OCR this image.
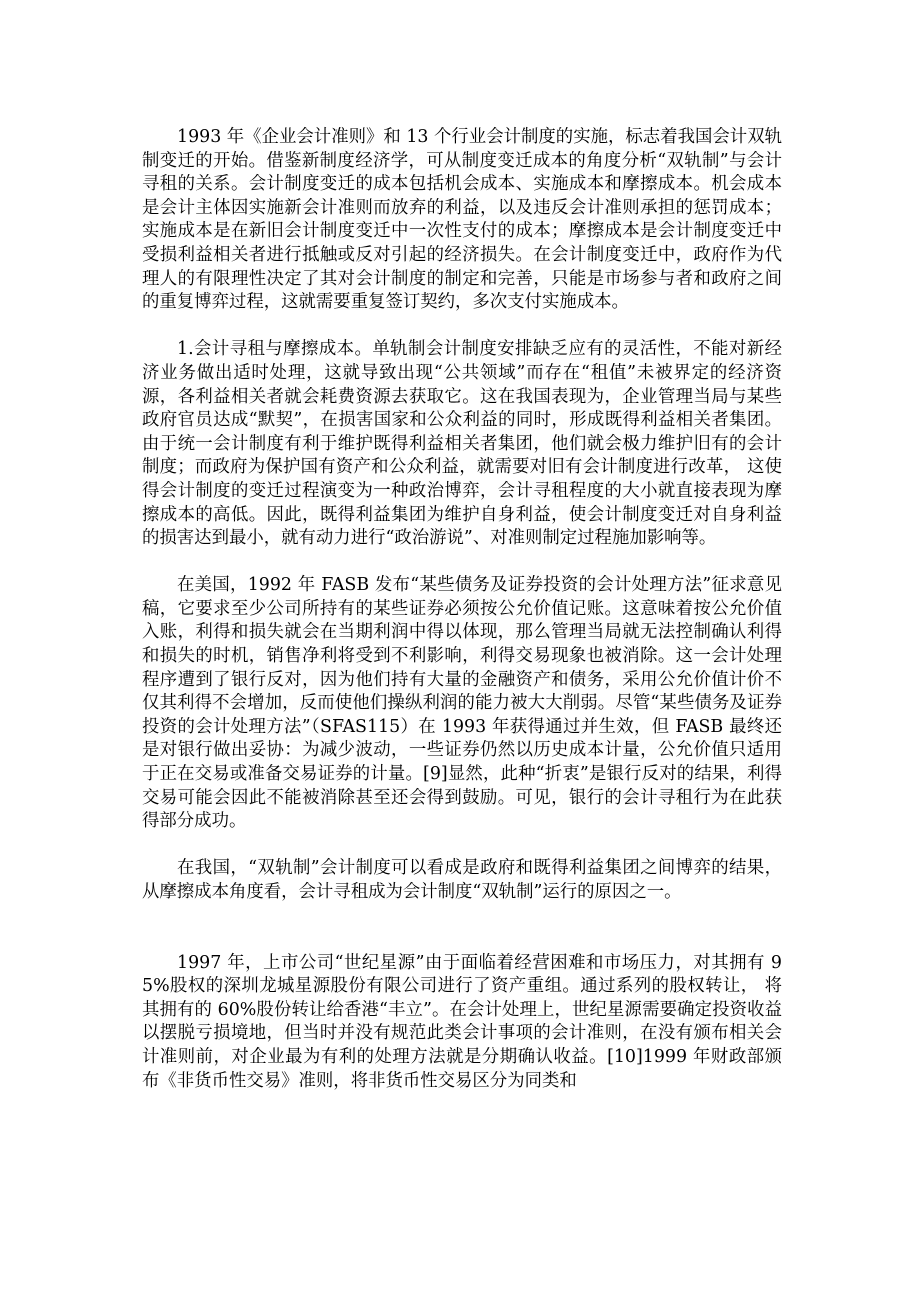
1993 年《企业会计准则》和 13 个行业会计制度的实施，标志着我国会计双轨制变迁的开始。借鉴新制度经济学，可从制度变迁成本的角度分析“双轨制”与会计寻租的关系。会计制度变迁的成本包括机会成本、实施成本和摩擦成本。机会成本是会计主体因实施新会计准则而放弃的利益，以及违反会计准则承担的惩罚成本；实施成本是在新旧会计制度变迁中一次性支付的成本；摩擦成本是会计制度变迁中受损利益相关者进行抵触或反对引起的经济损失。在会计制度变迁中，政府作为代理人的有限理性决定了其对会计制度的制定和完善，只能是市场参与者和政府之间的重复博弈过程，这就需要重复签订契约，多次支付实施成本。

1.会计寻租与摩擦成本。单轨制会计制度安排缺乏应有的灵活性，不能对新经济业务做出适时处理，这就导致出现“公共领域”而存在“租值”未被界定的经济资源，各利益相关者就会耗费资源去获取它。这在我国表现为，企业管理当局与某些政府官员达成“默契”，在损害国家和公众利益的同时，形成既得利益相关者集团。由于统一会计制度有利于维护既得利益相关者集团，他们就会极力维护旧有的会计制度；而政府为保护国有资产和公众利益，就需要对旧有会计制度进行改革， 这使得会计制度的变迁过程演变为一种政治博弈，会计寻租程度的大小就直接表现为摩擦成本的高低。因此，既得利益集团为维护自身利益，使会计制度变迁对自身利益的损害达到最小，就有动力进行“政治游说”、对准则制定过程施加影响等。

在美国，1992 年 FASB 发布“某些债务及证券投资的会计处理方法”征求意见稿，它要求至少公司所持有的某些证券必须按公允价值记账。这意味着按公允价值入账，利得和损失就会在当期利润中得以体现，那么管理当局就无法控制确认利得和损失的时机，销售净利将受到不利影响，利得交易现象也被消除。这一会计处理程序遭到了银行反对，因为他们持有大量的金融资产和债务，采用公允价值计价不仅其利得不会增加，反而使他们操纵利润的能力被大大削弱。尽管“某些债务及证券投资的会计处理方法”（SFAS115）在 1993 年获得通过并生效，但 FASB 最终还是对银行做出妥协：为减少波动，一些证券仍然以历史成本计量，公允价值只适用于正在交易或准备交易证券的计量。[9]显然，此种“折衷”是银行反对的结果，利得交易可能会因此不能被消除甚至还会得到鼓励。可见，银行的会计寻租行为在此获得部分成功。

在我国，“双轨制”会计制度可以看成是政府和既得利益集团之间博弈的结果，从摩擦成本角度看，会计寻租成为会计制度“双轨制”运行的原因之一。

1997 年，上市公司“世纪星源”由于面临着经营困难和市场压力，对其拥有 95%股权的深圳龙城星源股份有限公司进行了资产重组。通过系列的股权转让， 将其拥有的 60%股份转让给香港“丰立”。在会计处理上，世纪星源需要确定投资收益以摆脱亏损境地，但当时并没有规范此类会计事项的会计准则，在没有颁布相关会计准则前，对企业最为有利的处理方法就是分期确认收益。[10]1999 年财政部颁布《非货币性交易》准则，将非货币性交易区分为同类和
